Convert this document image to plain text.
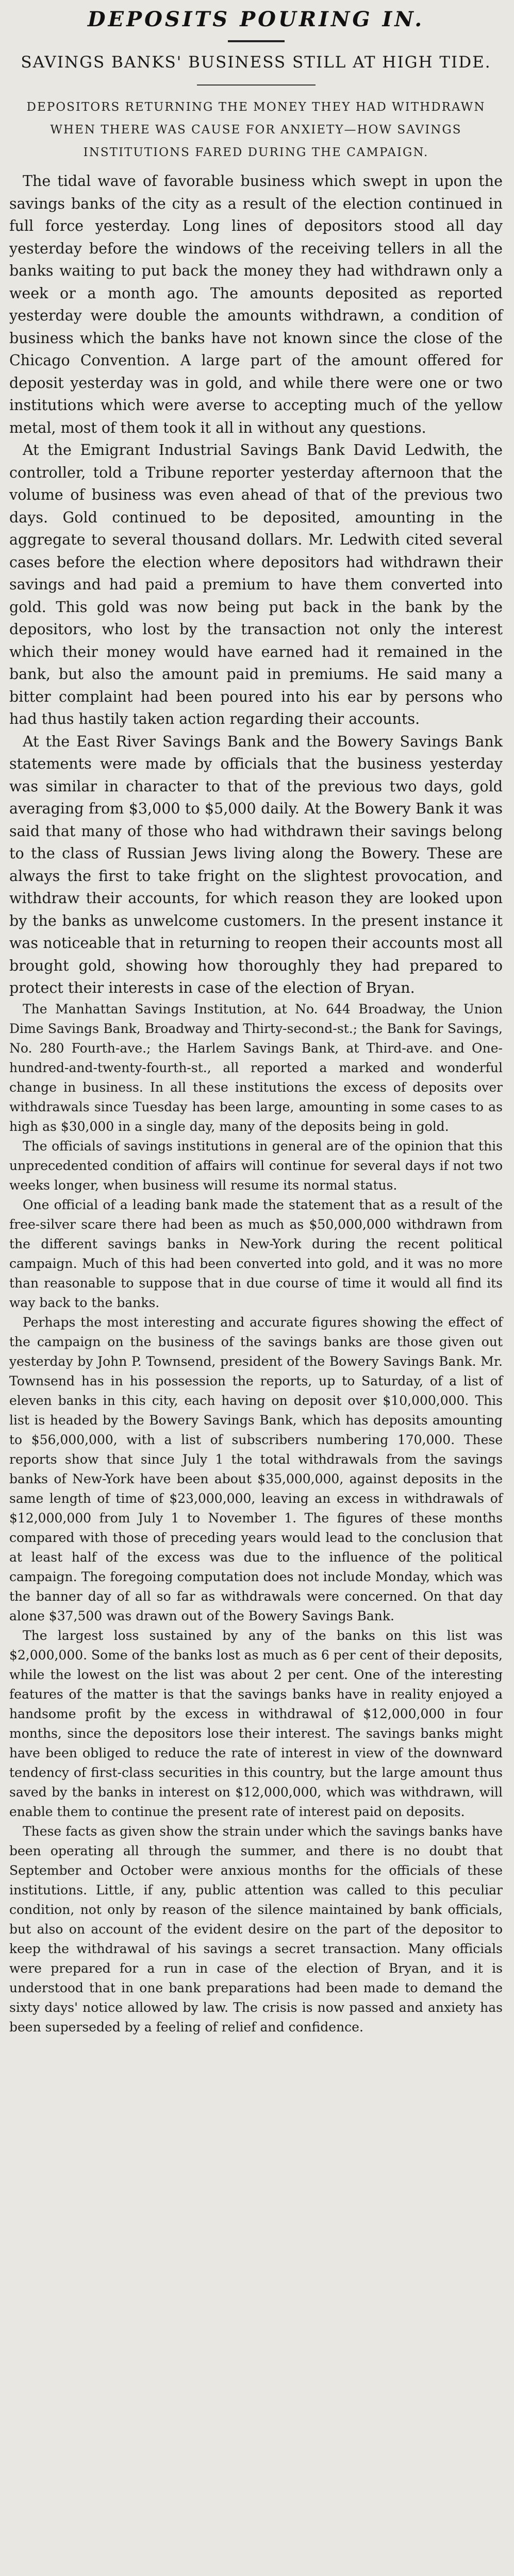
DEPOSITS POURING IN.
SAVINGS BANKS' BUSINESS STILL AT HIGH TIDE.
DEPOSITORS RETURNING THE MONEY THEY HAD WITHDRAWN WHEN THERE WAS CAUSE FOR ANXIETY—HOW SAVINGS INSTITUTIONS FARED DURING THE CAMPAIGN.

The tidal wave of favorable business which swept in upon the savings banks of the city as a result of the election continued in full force yesterday. Long lines of depositors stood all day yesterday before the windows of the receiving tellers in all the banks waiting to put back the money they had withdrawn only a week or a month ago. The amounts deposited as reported yesterday were double the amounts withdrawn, a condition of business which the banks have not known since the close of the Chicago Convention. A large part of the amount offered for deposit yesterday was in gold, and while there were one or two institutions which were averse to accepting much of the yellow metal, most of them took it all in without any questions.

At the Emigrant Industrial Savings Bank David Ledwith, the controller, told a Tribune reporter yesterday afternoon that the volume of business was even ahead of that of the previous two days. Gold continued to be deposited, amounting in the aggregate to several thousand dollars. Mr. Ledwith cited several cases before the election where depositors had withdrawn their savings and had paid a premium to have them converted into gold. This gold was now being put back in the bank by the depositors, who lost by the transaction not only the interest which their money would have earned had it remained in the bank, but also the amount paid in premiums. He said many a bitter complaint had been poured into his ear by persons who had thus hastily taken action regarding their accounts.

At the East River Savings Bank and the Bowery Savings Bank statements were made by officials that the business yesterday was similar in character to that of the previous two days, gold averaging from $3,000 to $5,000 daily. At the Bowery Bank it was said that many of those who had withdrawn their savings belong to the class of Russian Jews living along the Bowery. These are always the first to take fright on the slightest provocation, and withdraw their accounts, for which reason they are looked upon by the banks as unwelcome customers. In the present instance it was noticeable that in returning to reopen their accounts most all brought gold, showing how thoroughly they had prepared to protect their interests in case of the election of Bryan.

The Manhattan Savings Institution, at No. 644 Broadway, the Union Dime Savings Bank, Broadway and Thirty-second-st.; the Bank for Savings, No. 280 Fourth-ave.; the Harlem Savings Bank, at Third-ave. and One-hundred-and-twenty-fourth-st., all reported a marked and wonderful change in business. In all these institutions the excess of deposits over withdrawals since Tuesday has been large, amounting in some cases to as high as $30,000 in a single day, many of the deposits being in gold.

The officials of savings institutions in general are of the opinion that this unprecedented condition of affairs will continue for several days if not two weeks longer, when business will resume its normal status.

One official of a leading bank made the statement that as a result of the free-silver scare there had been as much as $50,000,000 withdrawn from the different savings banks in New-York during the recent political campaign. Much of this had been converted into gold, and it was no more than reasonable to suppose that in due course of time it would all find its way back to the banks.

Perhaps the most interesting and accurate figures showing the effect of the campaign on the business of the savings banks are those given out yesterday by John P. Townsend, president of the Bowery Savings Bank. Mr. Townsend has in his possession the reports, up to Saturday, of a list of eleven banks in this city, each having on deposit over $10,000,000. This list is headed by the Bowery Savings Bank, which has deposits amounting to $56,000,000, with a list of subscribers numbering 170,000. These reports show that since July 1 the total withdrawals from the savings banks of New-York have been about $35,000,000, against deposits in the same length of time of $23,000,000, leaving an excess in withdrawals of $12,000,000 from July 1 to November 1. The figures of these months compared with those of preceding years would lead to the conclusion that at least half of the excess was due to the influence of the political campaign. The foregoing computation does not include Monday, which was the banner day of all so far as withdrawals were concerned. On that day alone $37,500 was drawn out of the Bowery Savings Bank.

The largest loss sustained by any of the banks on this list was $2,000,000. Some of the banks lost as much as 6 per cent of their deposits, while the lowest on the list was about 2 per cent. One of the interesting features of the matter is that the savings banks have in reality enjoyed a handsome profit by the excess in withdrawal of $12,000,000 in four months, since the depositors lose their interest. The savings banks might have been obliged to reduce the rate of interest in view of the downward tendency of first-class securities in this country, but the large amount thus saved by the banks in interest on $12,000,000, which was withdrawn, will enable them to continue the present rate of interest paid on deposits.

These facts as given show the strain under which the savings banks have been operating all through the summer, and there is no doubt that September and October were anxious months for the officials of these institutions. Little, if any, public attention was called to this peculiar condition, not only by reason of the silence maintained by bank officials, but also on account of the evident desire on the part of the depositor to keep the withdrawal of his savings a secret transaction. Many officials were prepared for a run in case of the election of Bryan, and it is understood that in one bank preparations had been made to demand the sixty days' notice allowed by law. The crisis is now passed and anxiety has been superseded by a feeling of relief and confidence.
